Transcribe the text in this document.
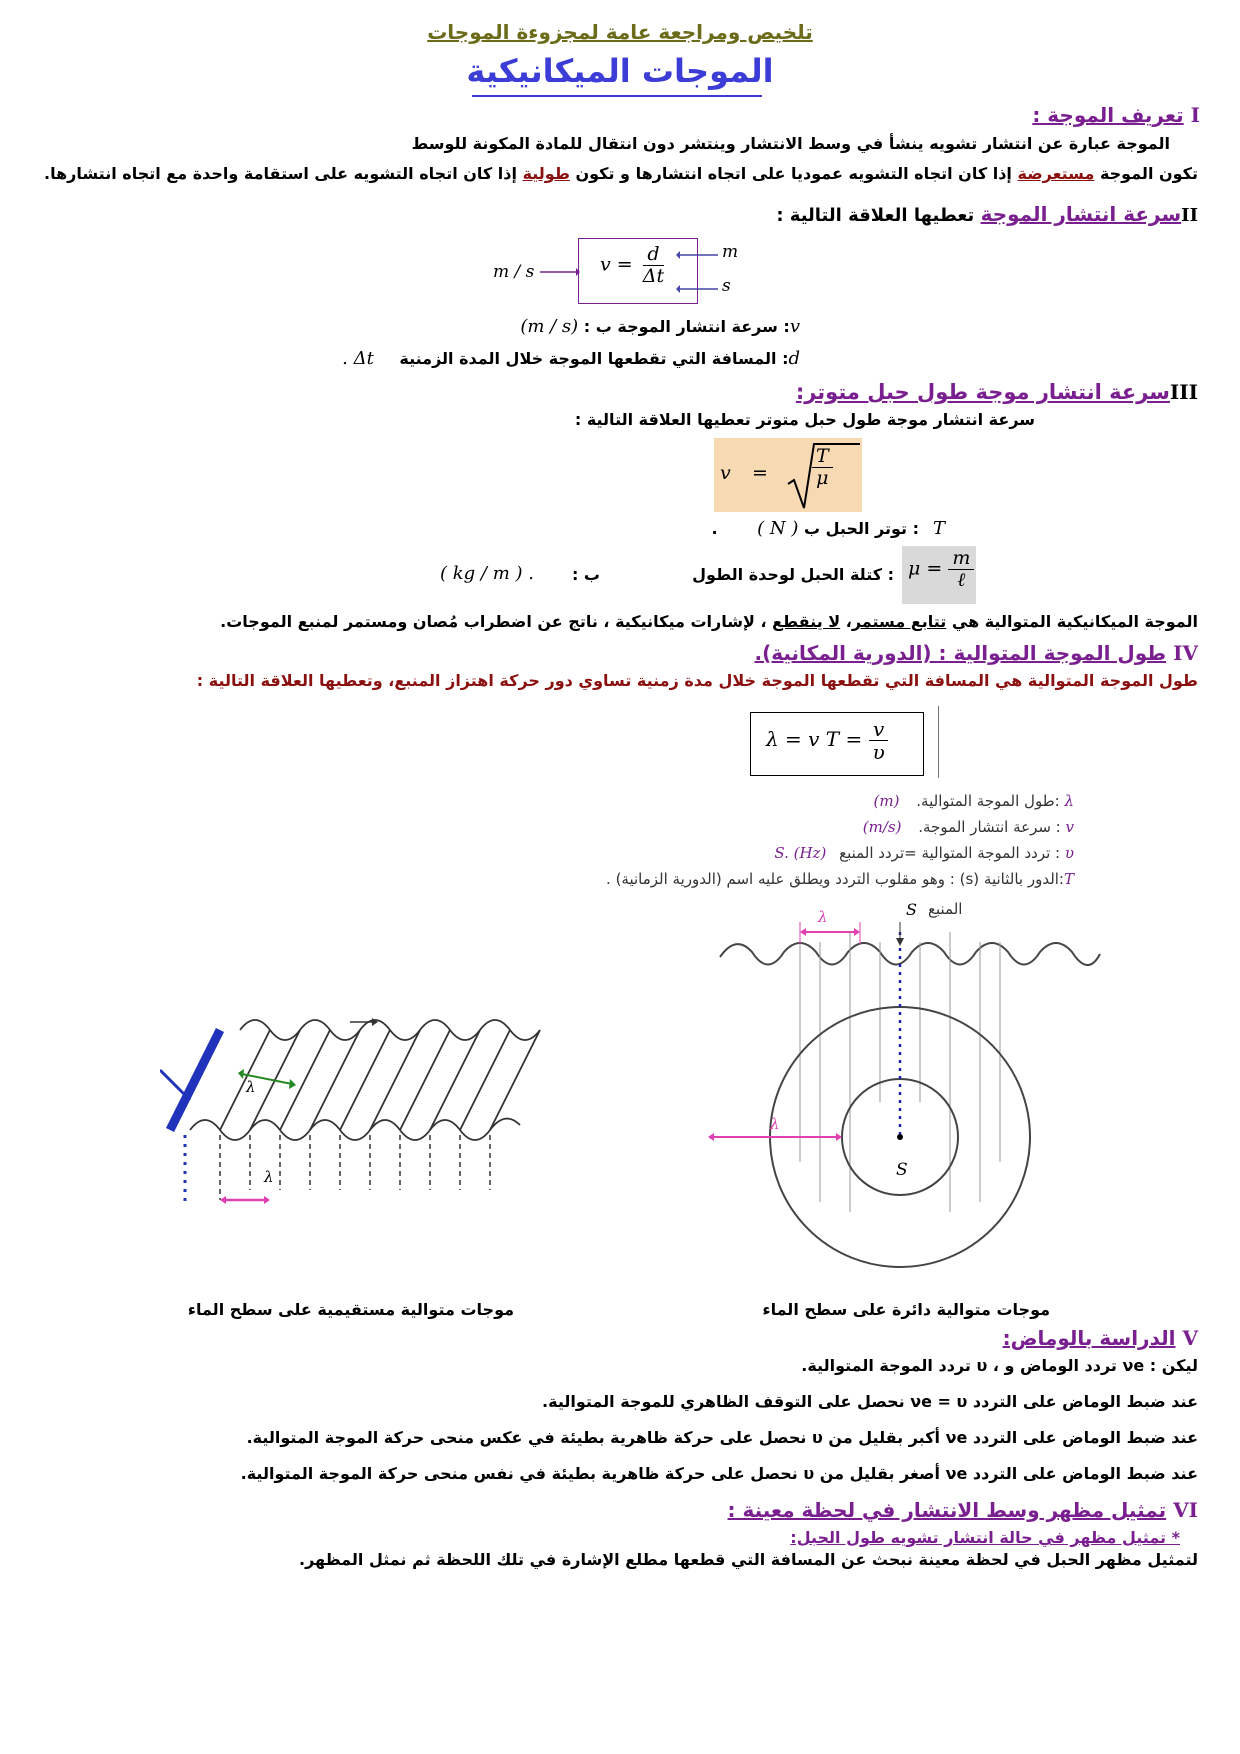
تلخيص ومراجعة عامة لمجزوءة الموجات
الموجات الميكانيكية
I تعريف الموجة :
الموجة عبارة عن انتشار تشويه ينشأ في وسط الانتشار وينتشر دون انتقال للمادة المكونة للوسط
تكون الموجة مستعرضة إذا كان اتجاه التشويه عموديا على اتجاه انتشارها و تكون طولية إذا كان اتجاه التشويه على استقامة واحدة مع اتجاه انتشارها.
IIسرعة انتشار الموجة تعطيها العلاقة التالية :
m / s	$v = \frac{d}{\Delta t}$	m
s
v: سرعة انتشار الموجة ب : (m / s)
d: المسافة التي تقطعها الموجة خلال المدة الزمنية Δt .
IIIسرعة انتشار موجة طول حبل متوتر:
سرعة انتشار موجة طول حبل متوتر تعطيها العلاقة التالية :
$v = \frac{T}{\mu}$
T: توتر الحبل ب ( N ) .
$\mu = \frac{m}{\text{ℓ}}$
: كتلة الحبل لوحدة الطول
ب :
. ( kg / m )
الموجة الميكانيكية المتوالية هي تتابع مستمر، لا ينقطع ، لإشارات ميكانيكية ، ناتج عن اضطراب مُصان ومستمر لمنبع الموجات.
IV طول الموجة المتوالية : (الدورية المكانية).
طول الموجة المتوالية هي المسافة التي تقطعها الموجة خلال مدة زمنية تساوي دور حركة اهتزاز المنبع، وتعطيها العلاقة التالية :
λ = v $T = \frac{v}{\upsilon}$
λ :طول الموجة المتوالية. (m)
v : سرعة انتشار الموجة. (m/s)
υ : تردد الموجة المتوالية =تردد المنبع S. (Hz)
T:الدور بالثانية (s) : وهو مقلوب التردد ويطلق عليه اسم (الدورية الزمانية) .
λ	المنبع
S
λ
S
λ
λ
موجات متوالية دائرة على سطح الماء
موجات متوالية مستقيمية على سطح الماء
V الدراسة بالوماض:
ليكن : νe تردد الوماض و ، υ تردد الموجة المتوالية.
عند ضبط الوماض على التردد νe = υ نحصل على التوقف الظاهري للموجة المتوالية.
عند ضبط الوماض على التردد νe أكبر بقليل من υ نحصل على حركة ظاهرية بطيئة في عكس منحى حركة الموجة المتوالية.
عند ضبط الوماض على التردد νe أصغر بقليل من υ نحصل على حركة ظاهرية بطيئة في نفس منحى حركة الموجة المتوالية.
VI تمثيل مظهر وسط الانتشار في لحظة معينة :
* تمثيل مظهر في حالة انتشار تشويه طول الحبل:
لتمثيل مظهر الحبل في لحظة معينة نبحث عن المسافة التي قطعها مطلع الإشارة في تلك اللحظة ثم نمثل المظهر.
